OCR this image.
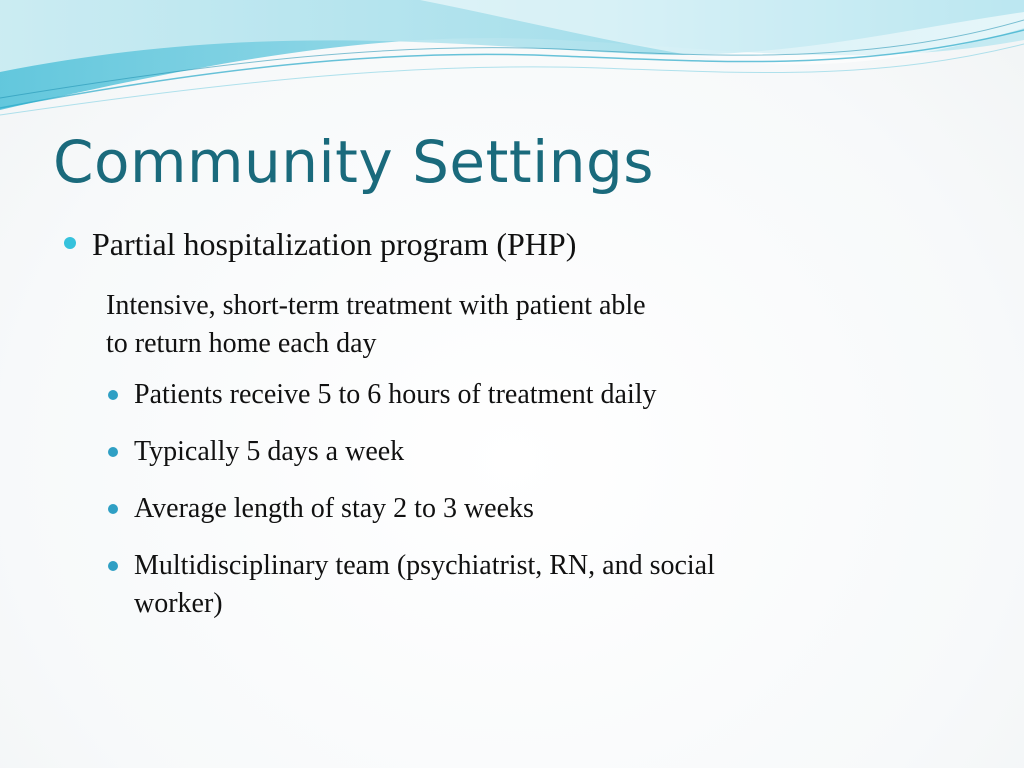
Community Settings
Partial hospitalization program (PHP)
Intensive, short-term treatment with patient able
to return home each day
Patients receive 5 to 6 hours of treatment daily
Typically 5 days a week
Average length of stay 2 to 3 weeks
Multidisciplinary team (psychiatrist, RN, and social
worker)
